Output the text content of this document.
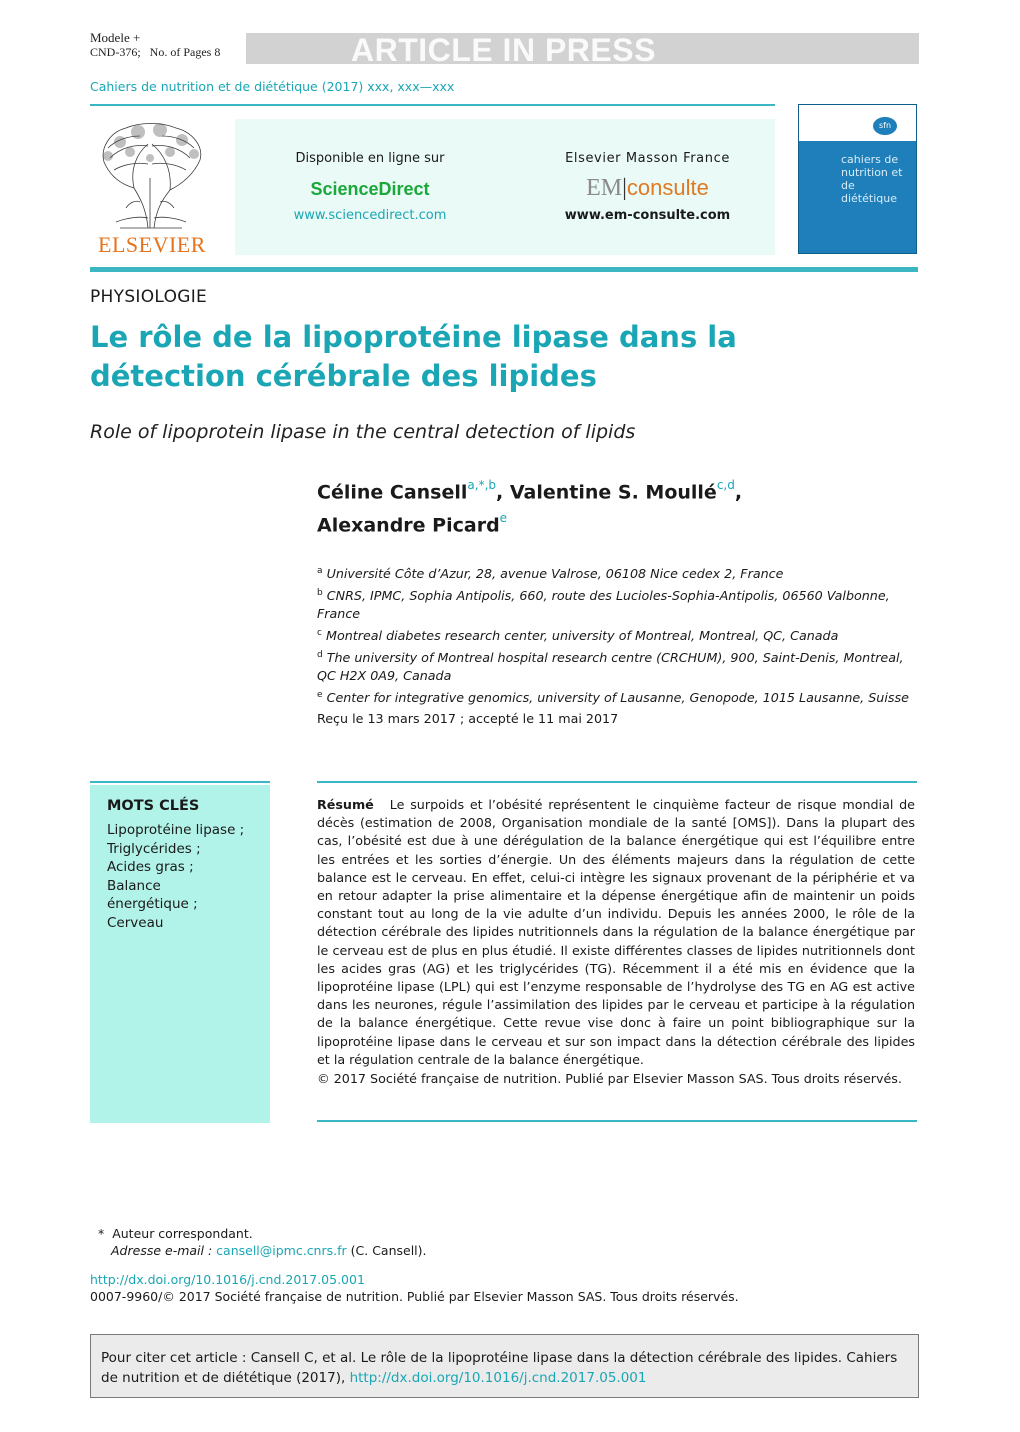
Modele +
CND-376; No. of Pages 8	ARTICLE IN PRESS
Cahiers de nutrition et de diététique (2017) xxx, xxx—xxx
ELSEVIER
Disponible en ligne sur
ScienceDirect
www.sciencedirect.com
Elsevier Masson France
EM|consulte
www.em-consulte.com
sfn
cahiers de nutrition et de diététique
PHYSIOLOGIE
Le rôle de la lipoprotéine lipase dans la détection cérébrale des lipides
Role of lipoprotein lipase in the central detection of lipids
Céline Cansell$^{a,*,b}$, Valentine S. Moullé$^{c,d}$,
Alexandre Picard$^e$
$^a$ Université Côte d’Azur, 28, avenue Valrose, 06108 Nice cedex 2, France
$^b$ CNRS, IPMC, Sophia Antipolis, 660, route des Lucioles-Sophia-Antipolis, 06560 Valbonne, France
$^c$ Montreal diabetes research center, university of Montreal, Montreal, QC, Canada
$^d$ The university of Montreal hospital research centre (CRCHUM), 900, Saint-Denis, Montreal, QC H2X 0A9, Canada
$^e$ Center for integrative genomics, university of Lausanne, Genopode, 1015 Lausanne, Suisse
Reçu le 13 mars 2017 ; accepté le 11 mai 2017
MOTS CLÉS
Lipoprotéine lipase ;
Triglycérides ;
Acides gras ;
Balance
énergétique ;
Cerveau
Résumé Le surpoids et l’obésité représentent le cinquième facteur de risque mondial de décès (estimation de 2008, Organisation mondiale de la santé [OMS]). Dans la plupart des cas, l’obésité est due à une dérégulation de la balance énergétique qui est l’équilibre entre les entrées et les sorties d’énergie. Un des éléments majeurs dans la régulation de cette balance est le cerveau. En effet, celui-ci intègre les signaux provenant de la périphérie et va en retour adapter la prise alimentaire et la dépense énergétique afin de maintenir un poids constant tout au long de la vie adulte d’un individu. Depuis les années 2000, le rôle de la détection cérébrale des lipides nutritionnels dans la régulation de la balance énergétique par le cerveau est de plus en plus étudié. Il existe différentes classes de lipides nutritionnels dont les acides gras (AG) et les triglycérides (TG). Récemment il a été mis en évidence que la lipoprotéine lipase (LPL) qui est l’enzyme responsable de l’hydrolyse des TG en AG est active dans les neurones, régule l’assimilation des lipides par le cerveau et participe à la régulation de la balance énergétique. Cette revue vise donc à faire un point bibliographique sur la lipoprotéine lipase dans le cerveau et sur son impact dans la détection cérébrale des lipides et la régulation centrale de la balance énergétique.
© 2017 Société française de nutrition. Publié par Elsevier Masson SAS. Tous droits réservés.
* Auteur correspondant.
Adresse e-mail : cansell@ipmc.cnrs.fr (C. Cansell).
http://dx.doi.org/10.1016/j.cnd.2017.05.001
0007-9960/© 2017 Société française de nutrition. Publié par Elsevier Masson SAS. Tous droits réservés.
Pour citer cet article : Cansell C, et al. Le rôle de la lipoprotéine lipase dans la détection cérébrale des lipides. Cahiers de nutrition et de diététique (2017), http://dx.doi.org/10.1016/j.cnd.2017.05.001
